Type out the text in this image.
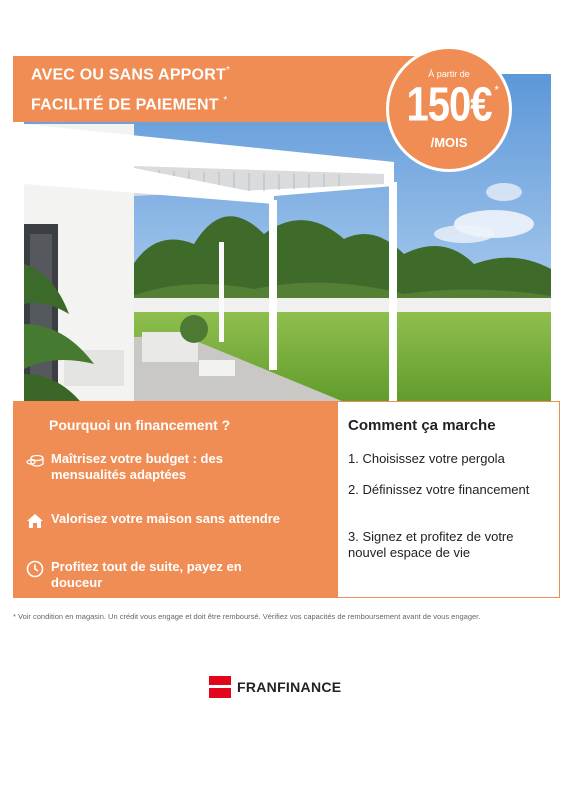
AVEC OU SANS APPORT*
FACILITÉ DE PAIEMENT *
À partir de
150€ *
/MOIS
Pourquoi un financement ?
Maîtrisez votre budget : des mensualités adaptées
Valorisez votre maison sans attendre
Profitez tout de suite, payez en douceur
Comment ça marche
1. Choisissez votre pergola
2. Définissez votre financement
3. Signez et profitez de votre nouvel espace de vie
* Voir condition en magasin. Un crédit vous engage et doit être remboursé. Vérifiez vos capacités de remboursement avant de vous engager.
FRANFINANCE
